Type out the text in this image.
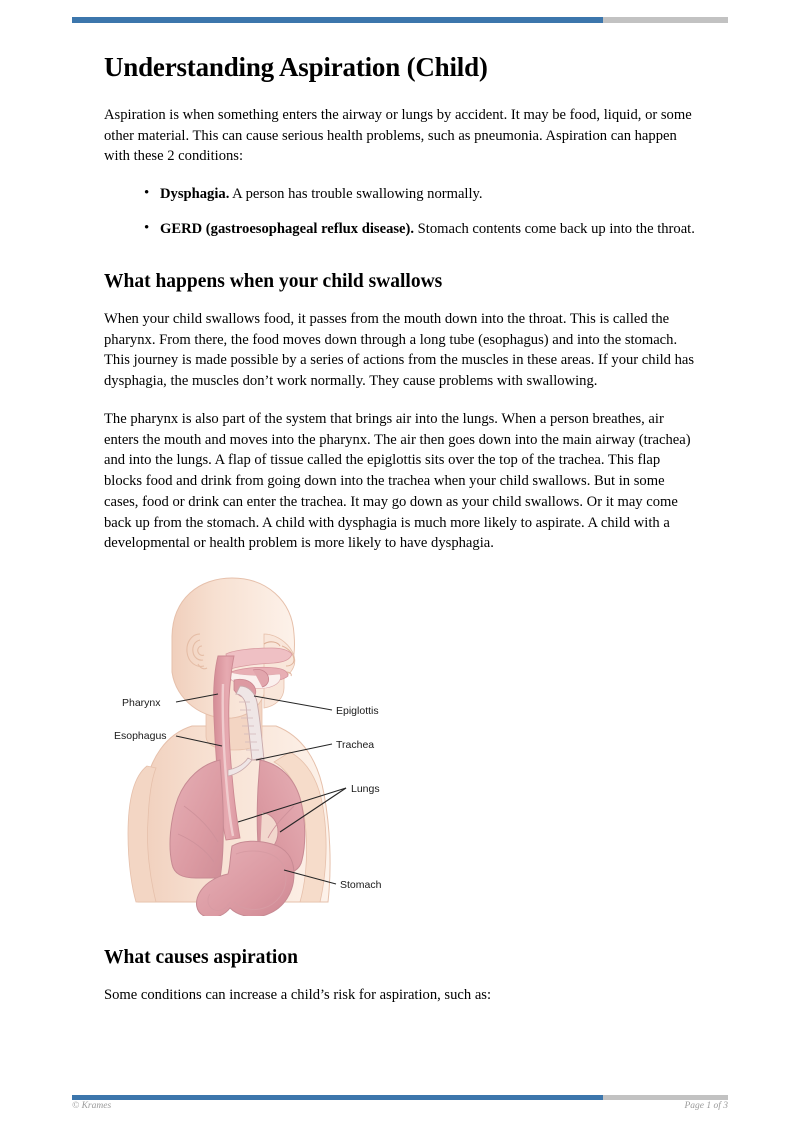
Understanding Aspiration (Child)

Aspiration is when something enters the airway or lungs by accident. It may be food, liquid, or some other material. This can cause serious health problems, such as pneumonia. Aspiration can happen with these 2 conditions:

• Dysphagia. A person has trouble swallowing normally.
• GERD (gastroesophageal reflux disease). Stomach contents come back up into the throat.
What happens when your child swallows

When your child swallows food, it passes from the mouth down into the throat. This is called the pharynx. From there, the food moves down through a long tube (esophagus) and into the stomach. This journey is made possible by a series of actions from the muscles in these areas. If your child has dysphagia, the muscles don’t work normally. They cause problems with swallowing.

The pharynx is also part of the system that brings air into the lungs. When a person breathes, air enters the mouth and moves into the pharynx. The air then goes down into the main airway (trachea) and into the lungs. A flap of tissue called the epiglottis sits over the top of the trachea. This flap blocks food and drink from going down into the trachea when your child swallows. But in some cases, food or drink can enter the trachea. It may go down as your child swallows. Or it may come back up from the stomach. A child with dysphagia is much more likely to aspirate. A child with a developmental or health problem is more likely to have dysphagia.

Pharynx
Esophagus
Epiglottis
Trachea
Lungs
Stomach
What causes aspiration

Some conditions can increase a child’s risk for aspiration, such as:

© Krames	Page 1 of 3
